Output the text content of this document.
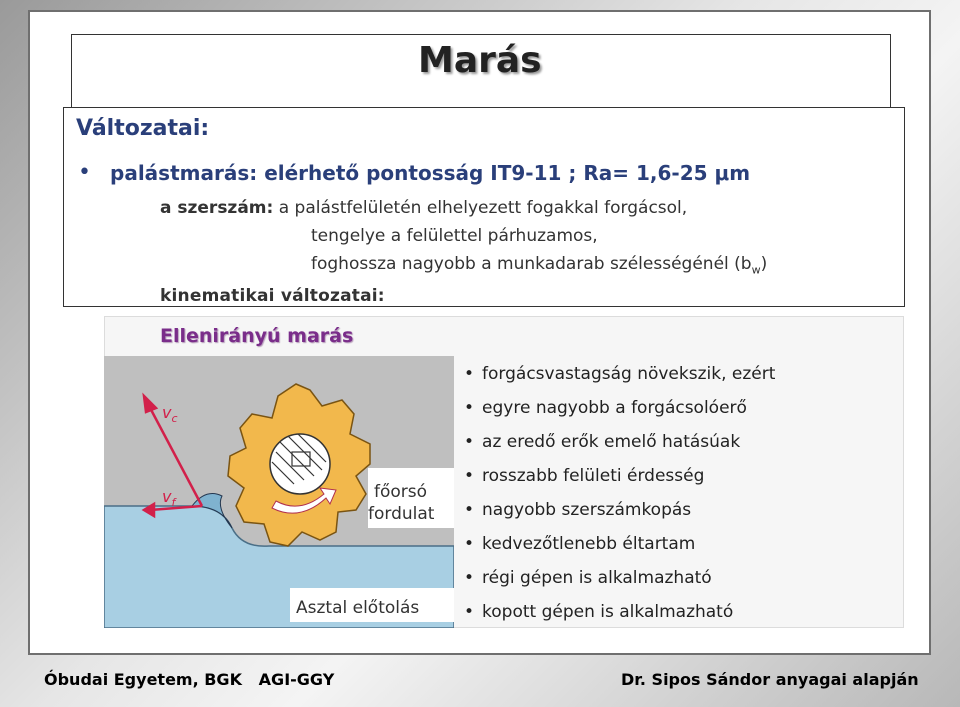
Marás
Változatai:
• palástmarás: elérhető pontosság IT9-11 ; Ra= 1,6-25 μm
a szerszám: a palástfelületén elhelyezett fogakkal forgácsol,
tengelye a felülettel párhuzamos,
foghossza nagyobb a munkadarab szélességénél $(b_w)$
kinematikai változatai:
Ellenirányú marás
$v_c$
$v_f$
főorsó
fordulat
Asztal előtolás
• forgácsvastagság növekszik, ezért
• egyre nagyobb a forgácsolóerő
• az eredő erők emelő hatásúak
• rosszabb felületi érdesség
• nagyobb szerszámkopás
• kedvezőtlenebb éltartam
• régi gépen is alkalmazható
• kopott gépen is alkalmazható
Óbudai Egyetem, BGK   AGI-GGY	Dr. Sipos Sándor anyagai alapján
